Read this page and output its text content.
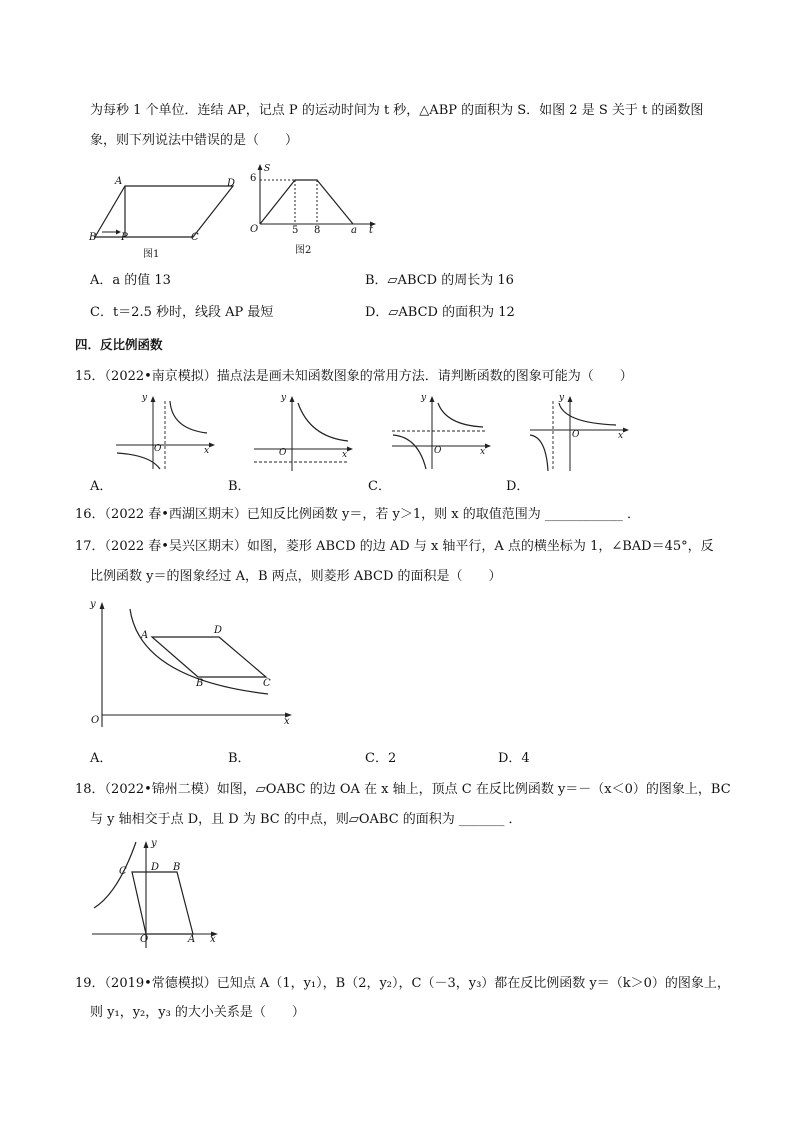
为每秒 1 个单位．连结 AP，记点 P 的运动时间为 t 秒，△ABP 的面积为 S．如图 2 是 S 关于 t 的函数图
象，则下列说法中错误的是（　　）
A	D
B P	C
图1
S
t
O
6
5 8	a
图2
A．a 的值 13	B．▱ABCD 的周长为 16
C．t＝2.5 秒时，线段 AP 最短	D．▱ABCD 的面积为 12
四．反比例函数
15．（2022•南京模拟）描点法是画未知函数图象的常用方法．请判断函数的图象可能为（　　）
y
x
O
y
x
O
y
x
O
y
x
O
A．	B．	C．	D．
16．（2022 春•西湖区期末）已知反比例函数 y＝，若 y＞1，则 x 的取值范围为 ____________ ．
17．（2022 春•吴兴区期末）如图，菱形 ABCD 的边 AD 与 x 轴平行，A 点的横坐标为 1，∠BAD＝45°，反
比例函数 y＝的图象经过 A，B 两点，则菱形 ABCD 的面积是（　　）
y
x
O
A	D
B	C
A．	B．	C．2	D．4
18．（2022•锦州二模）如图，▱OABC 的边 OA 在 x 轴上，顶点 C 在反比例函数 y＝－（x＜0）的图象上，BC
与 y 轴相交于点 D，且 D 为 BC 的中点，则▱OABC 的面积为 _______ ．
y
x
O
C D B
A
19．（2019•常德模拟）已知点 A（1，y₁），B（2，y₂），C（－3，y₃）都在反比例函数 y＝（k＞0）的图象上，
则 y₁，y₂，y₃ 的大小关系是（　　）
